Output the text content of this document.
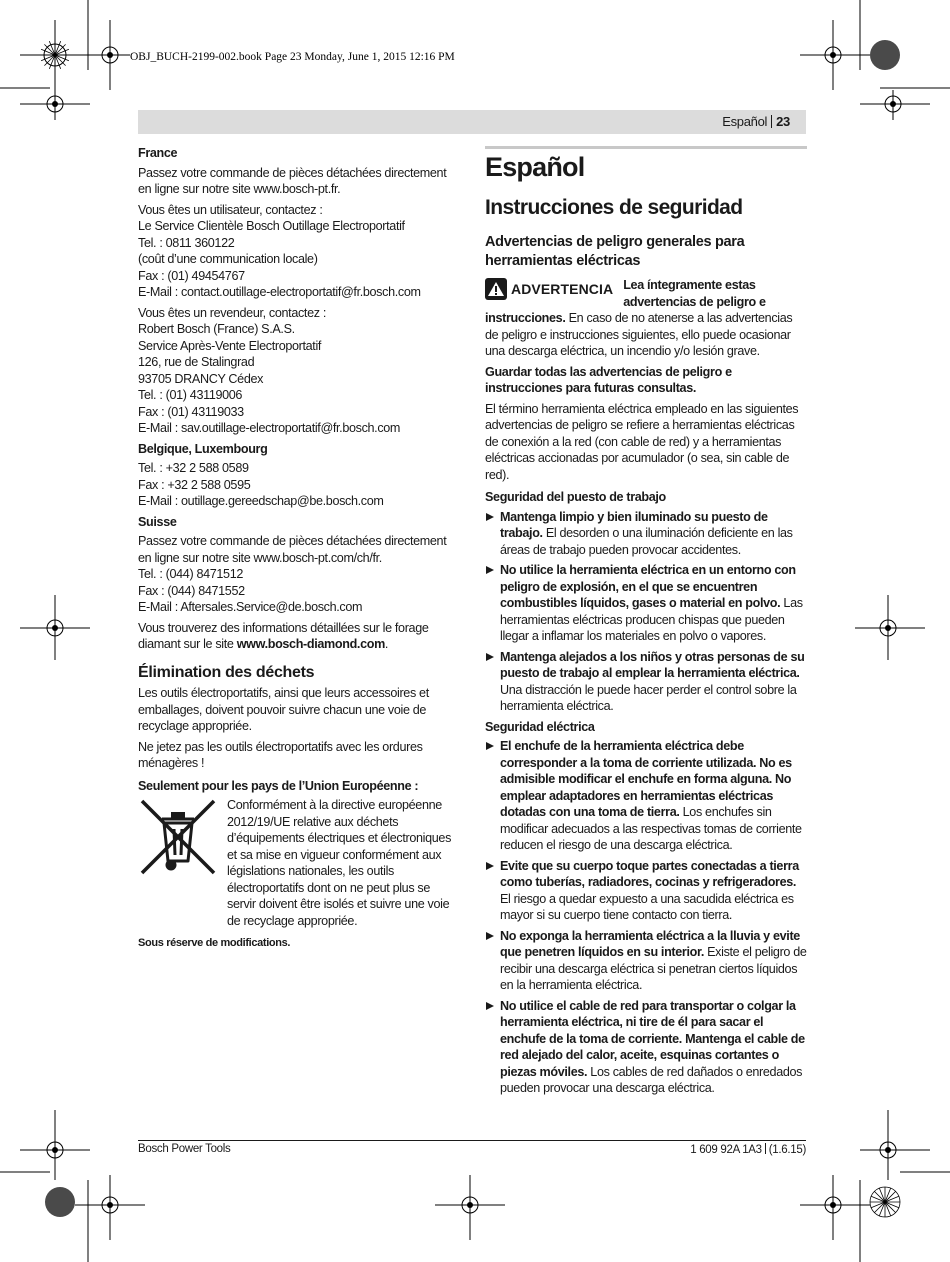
OBJ_BUCH-2199-002.book Page 23 Monday, June 1, 2015 12:16 PM
Español 23
France

Passez votre commande de pièces détachées directement en ligne sur notre site www.bosch-pt.fr.

Vous êtes un utilisateur, contactez :
Le Service Clientèle Bosch Outillage Electroportatif
Tel. : 0811 360122
(coût d’une communication locale)
Fax : (01) 49454767
E-Mail : contact.outillage-electroportatif@fr.bosch.com

Vous êtes un revendeur, contactez :
Robert Bosch (France) S.A.S.
Service Après-Vente Electroportatif
126, rue de Stalingrad
93705 DRANCY Cédex
Tel. : (01) 43119006
Fax : (01) 43119033
E-Mail : sav.outillage-electroportatif@fr.bosch.com

Belgique, Luxembourg

Tel. : +32 2 588 0589
Fax : +32 2 588 0595
E-Mail : outillage.gereedschap@be.bosch.com

Suisse

Passez votre commande de pièces détachées directement en ligne sur notre site www.bosch-pt.com/ch/fr.
Tel. : (044) 8471512
Fax : (044) 8471552
E-Mail : Aftersales.Service@de.bosch.com

Vous trouverez des informations détaillées sur le forage diamant sur le site www.bosch-diamond.com.

Élimination des déchets

Les outils électroportatifs, ainsi que leurs accessoires et emballages, doivent pouvoir suivre chacun une voie de recyclage appropriée.

Ne jetez pas les outils électroportatifs avec les ordures ménagères !

Seulement pour les pays de l’Union Européenne :
Conformément à la directive européenne 2012/19/UE relative aux déchets d’équipements électriques et électroniques et sa mise en vigueur conformément aux législations nationales, les outils électroportatifs dont on ne peut plus se servir doivent être isolés et suivre une voie de recyclage appropriée.
Sous réserve de modifications.
Español
Instrucciones de seguridad
Advertencias de peligro generales para herramientas eléctricas
ADVERTENCIA Lea íntegramente estas advertencias de peligro e instrucciones. En caso de no atenerse a las advertencias de peligro e instrucciones siguientes, ello puede ocasionar una descarga eléctrica, un incendio y/o lesión grave.

Guardar todas las advertencias de peligro e instrucciones para futuras consultas.

El término herramienta eléctrica empleado en las siguientes advertencias de peligro se refiere a herramientas eléctricas de conexión a la red (con cable de red) y a herramientas eléctricas accionadas por acumulador (o sea, sin cable de red).

Seguridad del puesto de trabajo
Mantenga limpio y bien iluminado su puesto de trabajo. El desorden o una iluminación deficiente en las áreas de trabajo pueden provocar accidentes.
No utilice la herramienta eléctrica en un entorno con peligro de explosión, en el que se encuentren combustibles líquidos, gases o material en polvo. Las herramientas eléctricas producen chispas que pueden llegar a inflamar los materiales en polvo o vapores.
Mantenga alejados a los niños y otras personas de su puesto de trabajo al emplear la herramienta eléctrica. Una distracción le puede hacer perder el control sobre la herramienta eléctrica.
Seguridad eléctrica
El enchufe de la herramienta eléctrica debe corresponder a la toma de corriente utilizada. No es admisible modificar el enchufe en forma alguna. No emplear adaptadores en herramientas eléctricas dotadas con una toma de tierra. Los enchufes sin modificar adecuados a las respectivas tomas de corriente reducen el riesgo de una descarga eléctrica.
Evite que su cuerpo toque partes conectadas a tierra como tuberías, radiadores, cocinas y refrigeradores. El riesgo a quedar expuesto a una sacudida eléctrica es mayor si su cuerpo tiene contacto con tierra.
No exponga la herramienta eléctrica a la lluvia y evite que penetren líquidos en su interior. Existe el peligro de recibir una descarga eléctrica si penetran ciertos líquidos en la herramienta eléctrica.
No utilice el cable de red para transportar o colgar la herramienta eléctrica, ni tire de él para sacar el enchufe de la toma de corriente. Mantenga el cable de red alejado del calor, aceite, esquinas cortantes o piezas móviles. Los cables de red dañados o enredados pueden provocar una descarga eléctrica.
Bosch Power Tools	1 609 92A 1A3 (1.6.15)
